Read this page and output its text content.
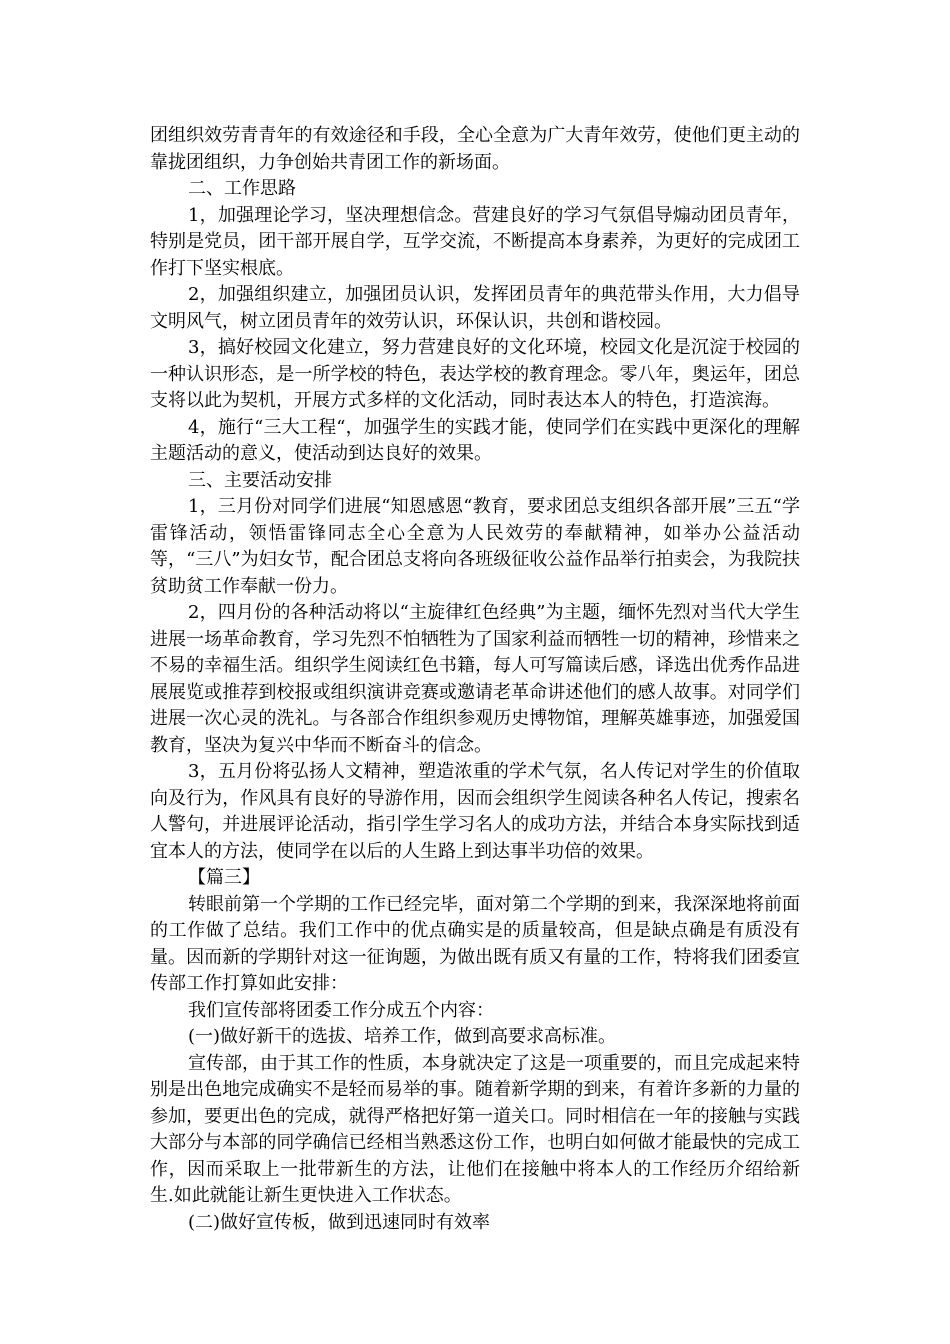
团组织效劳青青年的有效途径和手段，全心全意为广大青年效劳，使他们更主动的靠拢团组织，力争创始共青团工作的新场面。

二、工作思路

1，加强理论学习，坚决理想信念。营建良好的学习气氛倡导煽动团员青年，特别是党员，团干部开展自学，互学交流，不断提高本身素养，为更好的完成团工作打下坚实根底。

2，加强组织建立，加强团员认识，发挥团员青年的典范带头作用，大力倡导文明风气，树立团员青年的效劳认识，环保认识，共创和谐校园。

3，搞好校园文化建立，努力营建良好的文化环境，校园文化是沉淀于校园的一种认识形态，是一所学校的特色，表达学校的教育理念。零八年，奥运年，团总支将以此为契机，开展方式多样的文化活动，同时表达本人的特色，打造滨海。

4，施行“三大工程“，加强学生的实践才能，使同学们在实践中更深化的理解主题活动的意义，使活动到达良好的效果。

三、主要活动安排

1，三月份对同学们进展“知恩感恩“教育，要求团总支组织各部开展”三五“学雷锋活动，领悟雷锋同志全心全意为人民效劳的奉献精神，如举办公益活动等，“三八”为妇女节，配合团总支将向各班级征收公益作品举行拍卖会，为我院扶贫助贫工作奉献一份力。

2，四月份的各种活动将以“主旋律红色经典”为主题，缅怀先烈对当代大学生进展一场革命教育，学习先烈不怕牺牲为了国家利益而牺牲一切的精神，珍惜来之不易的幸福生活。组织学生阅读红色书籍，每人可写篇读后感，译选出优秀作品进展展览或推荐到校报或组织演讲竞赛或邀请老革命讲述他们的感人故事。对同学们进展一次心灵的洗礼。与各部合作组织参观历史博物馆，理解英雄事迹，加强爱国教育，坚决为复兴中华而不断奋斗的信念。

3，五月份将弘扬人文精神，塑造浓重的学术气氛，名人传记对学生的价值取向及行为，作风具有良好的导游作用，因而会组织学生阅读各种名人传记，搜索名人警句，并进展评论活动，指引学生学习名人的成功方法，并结合本身实际找到适宜本人的方法，使同学在以后的人生路上到达事半功倍的效果。

【篇三】

转眼前第一个学期的工作已经完毕，面对第二个学期的到来，我深深地将前面的工作做了总结。我们工作中的优点确实是的质量较高，但是缺点确是有质没有量。因而新的学期针对这一征询题，为做出既有质又有量的工作，特将我们团委宣传部工作打算如此安排：

我们宣传部将团委工作分成五个内容：

(一)做好新干的选拔、培养工作，做到高要求高标准。

宣传部，由于其工作的性质，本身就决定了这是一项重要的，而且完成起来特别是出色地完成确实不是轻而易举的事。随着新学期的到来，有着许多新的力量的参加，要更出色的完成，就得严格把好第一道关口。同时相信在一年的接触与实践大部分与本部的同学确信已经相当熟悉这份工作，也明白如何做才能最快的完成工作，因而采取上一批带新生的方法，让他们在接触中将本人的工作经历介绍给新生.如此就能让新生更快进入工作状态。

(二)做好宣传板，做到迅速同时有效率
